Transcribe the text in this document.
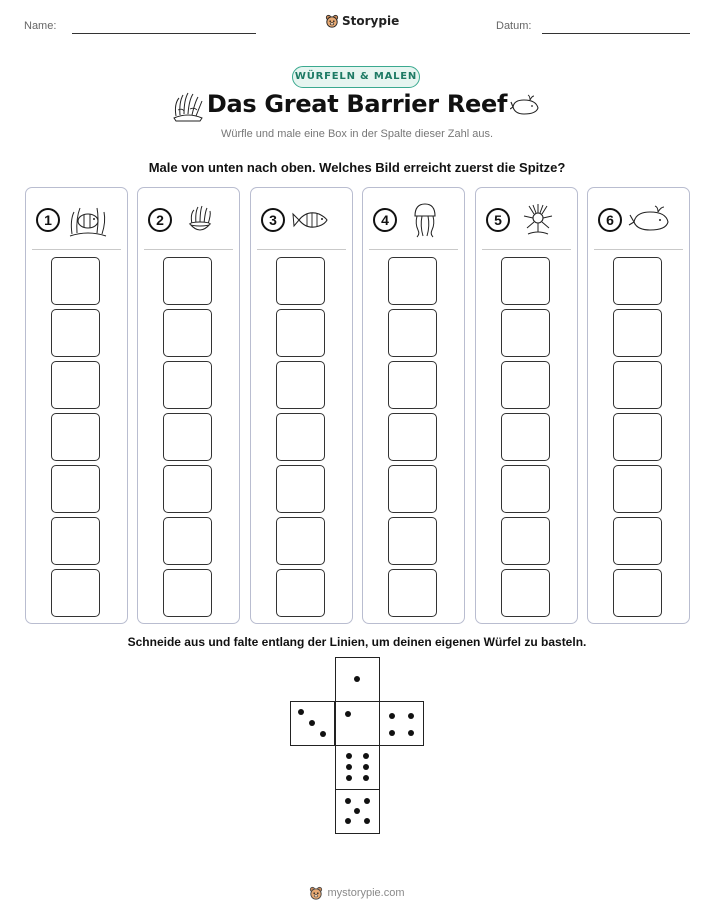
Name:	Storypie	Datum:
WÜRFELN & MALEN
Das Great Barrier Reef
Würfle und male eine Box in der Spalte dieser Zahl aus.
Male von unten nach oben. Welches Bild erreicht zuerst die Spitze?
1	2	3	4	5	6
Schneide aus und falte entlang der Linien, um deinen eigenen Würfel zu basteln.
mystorypie.com
